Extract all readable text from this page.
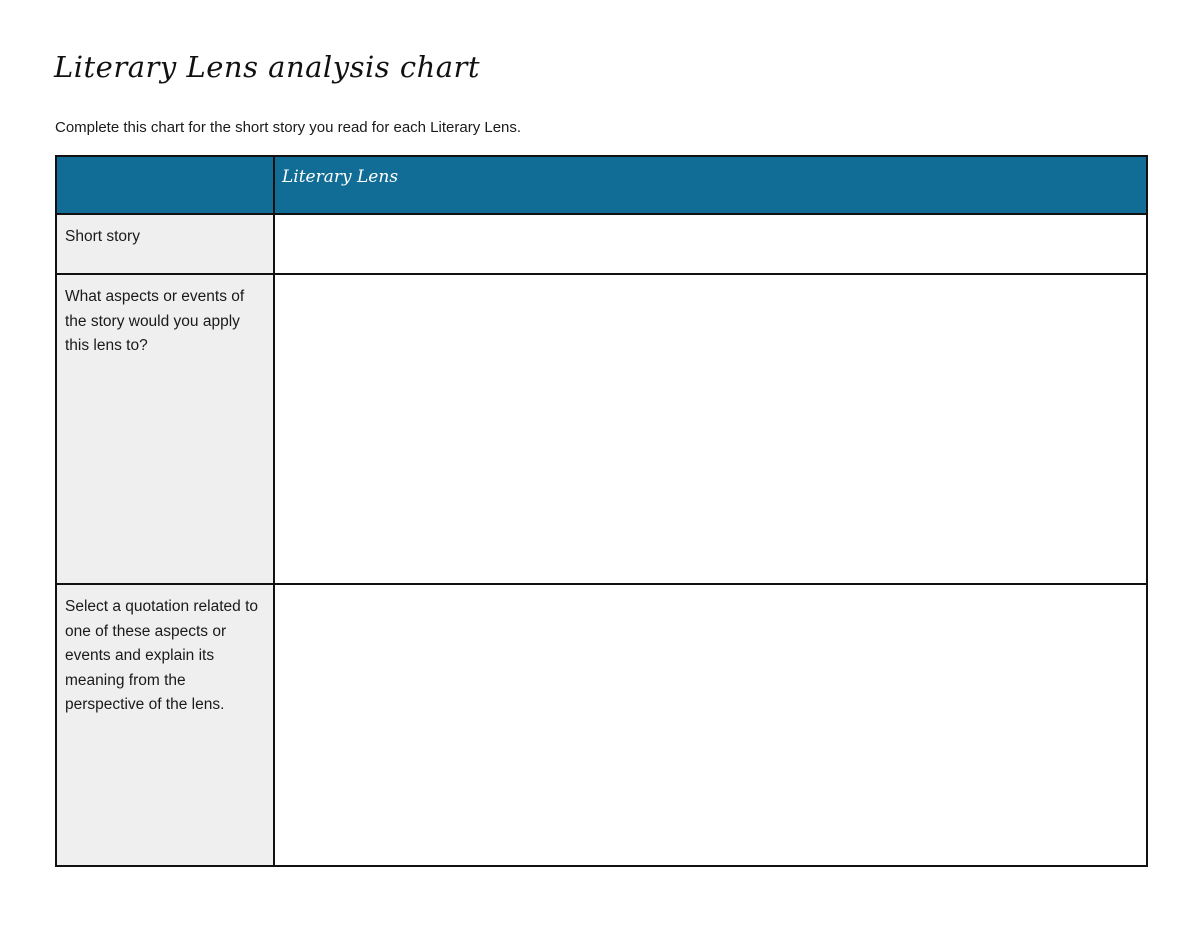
Literary Lens analysis chart

Complete this chart for the short story you read for each Literary Lens.

	Literary Lens

Short story	
What aspects or events of the story would you apply this lens to?	
Select a quotation related to one of these aspects or events and explain its meaning from the perspective of the lens.	
